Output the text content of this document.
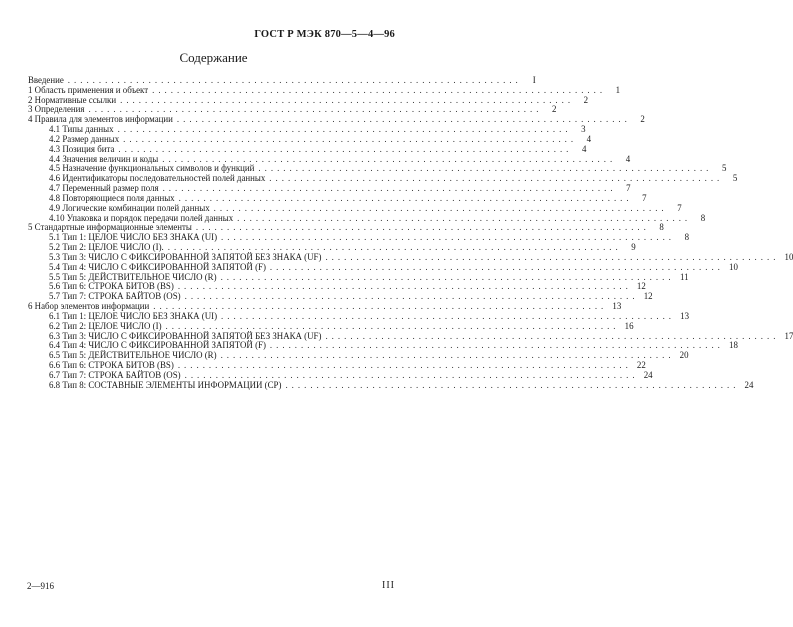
ГОСТ Р МЭК 870—5—4—96
Содержание
Введение .........................................................................	I
1 Область применения и объект .........................................................................	1
2 Нормативные ссылки .........................................................................	2
3 Определения .........................................................................	2
4 Правила для элементов информации .........................................................................	2
4.1 Типы данных .........................................................................	3
4.2 Размер данных .........................................................................	4
4.3 Позиция бита .........................................................................	4
4.4 Значения величин и коды .........................................................................	4
4.5 Назначение функциональных символов и функций .........................................................................	5
4.6 Идентификаторы последовательностей полей данных .........................................................................	5
4.7 Переменный размер поля .........................................................................	7
4.8 Повторяющиеся поля данных .........................................................................	7
4.9 Логические комбинации полей данных .........................................................................	7
4.10 Упаковка и порядок передачи полей данных .........................................................................	8
5 Стандартные информационные элементы .........................................................................	8
5.1 Тип 1: ЦЕЛОЕ ЧИСЛО БЕЗ ЗНАКА (UI) .........................................................................	8
5.2 Тип 2: ЦЕЛОЕ ЧИСЛО (I). .........................................................................	9
5.3 Тип 3: ЧИСЛО С ФИКСИРОВАННОЙ ЗАПЯТОЙ БЕЗ ЗНАКА (UF) ......................................................................... 10
5.4 Тип 4: ЧИСЛО С ФИКСИРОВАННОЙ ЗАПЯТОЙ (F) ......................................................................... 10
5.5 Тип 5: ДЕЙСТВИТЕЛЬНОЕ ЧИСЛО (R) ......................................................................... 11
5.6 Тип 6: СТРОКА БИТОВ (BS) ......................................................................... 12
5.7 Тип 7: СТРОКА БАЙТОВ (OS) ......................................................................... 12
6 Набор элементов информации ......................................................................... 13
6.1 Тип 1: ЦЕЛОЕ ЧИСЛО БЕЗ ЗНАКА (UI) ......................................................................... 13
6.2 Тип 2: ЦЕЛОЕ ЧИСЛО (I) ......................................................................... 16
6.3 Тип 3: ЧИСЛО С ФИКСИРОВАННОЙ ЗАПЯТОЙ БЕЗ ЗНАКА (UF) ......................................................................... 17
6.4 Тип 4: ЧИСЛО С ФИКСИРОВАННОЙ ЗАПЯТОЙ (F) ......................................................................... 18
6.5 Тип 5: ДЕЙСТВИТЕЛЬНОЕ ЧИСЛО (R) ......................................................................... 20
6.6 Тип 6: СТРОКА БИТОВ (BS) ......................................................................... 22
6.7 Тип 7: СТРОКА БАЙТОВ (OS) ......................................................................... 24
6.8 Тип 8: СОСТАВНЫЕ ЭЛЕМЕНТЫ ИНФОРМАЦИИ (CP) ......................................................................... 24
2—916	III
